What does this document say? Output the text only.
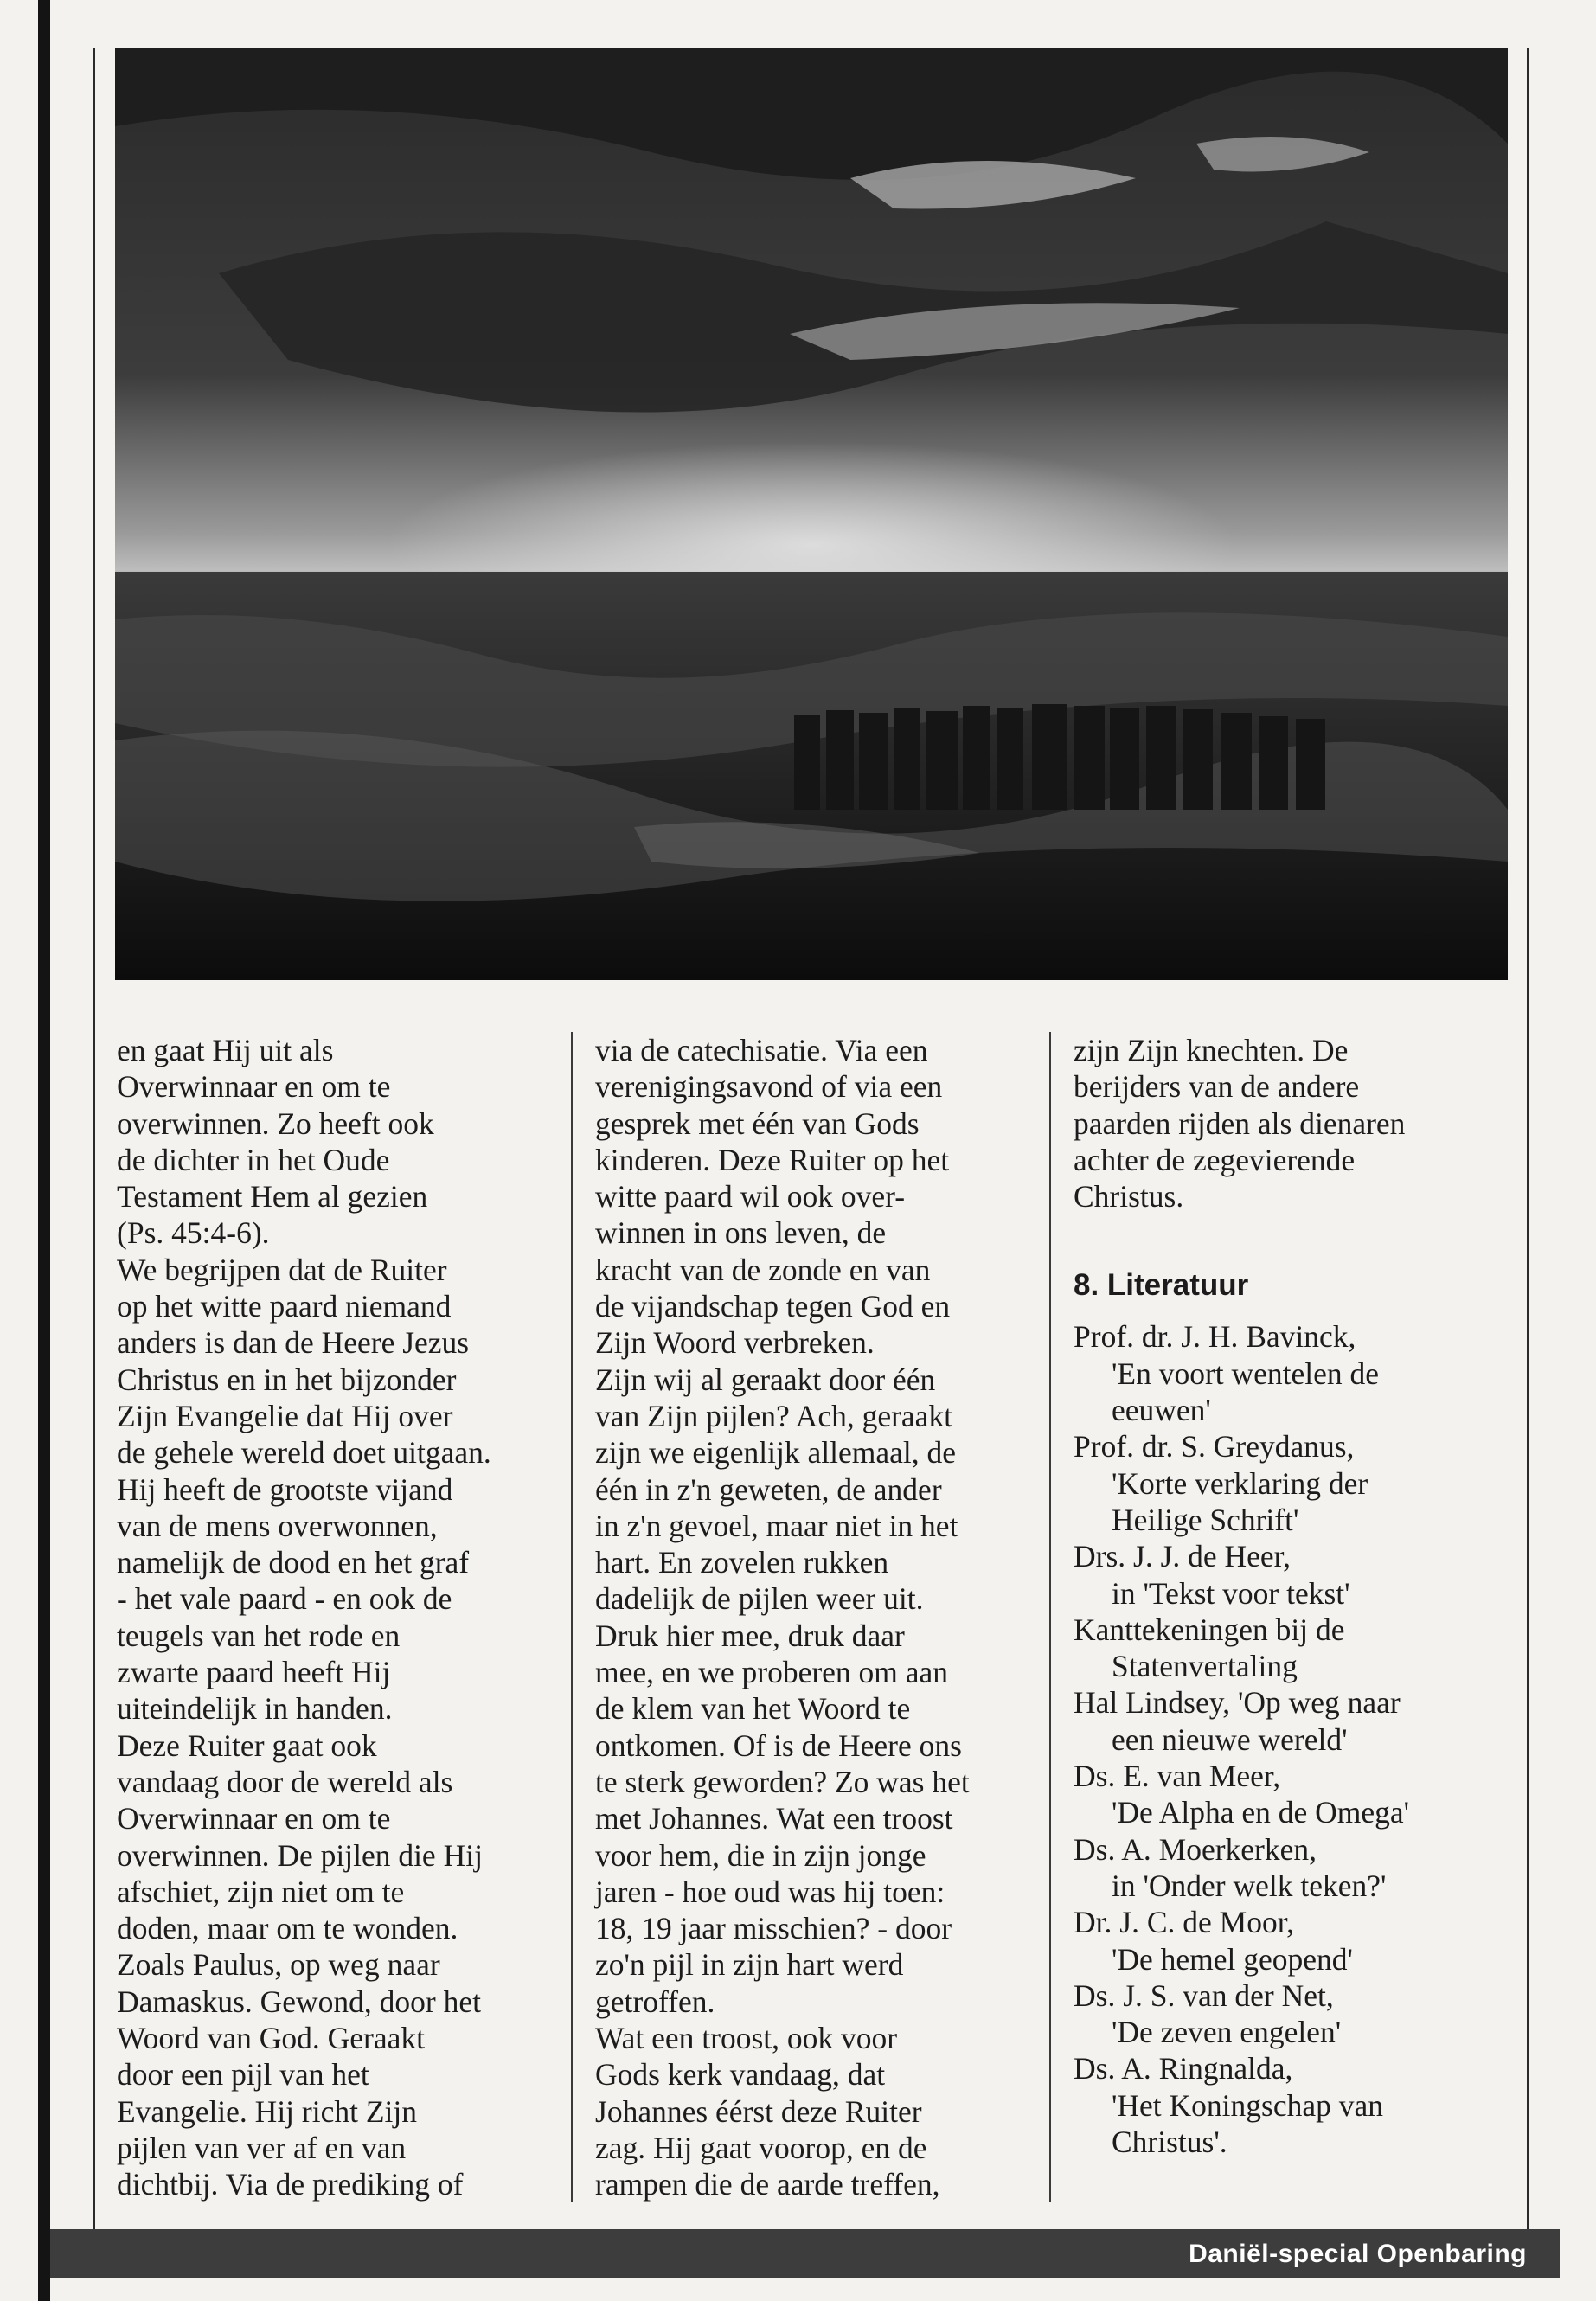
en gaat Hij uit als

Overwinnaar en om te

overwinnen. Zo heeft ook

de dichter in het Oude

Testament Hem al gezien

(Ps. 45:4-6).

We begrijpen dat de Ruiter

op het witte paard niemand

anders is dan de Heere Jezus

Christus en in het bijzonder

Zijn Evangelie dat Hij over

de gehele wereld doet uitgaan.

Hij heeft de grootste vijand

van de mens overwonnen,

namelijk de dood en het graf

- het vale paard - en ook de

teugels van het rode en

zwarte paard heeft Hij

uiteindelijk in handen.

Deze Ruiter gaat ook

vandaag door de wereld als

Overwinnaar en om te

overwinnen. De pijlen die Hij

afschiet, zijn niet om te

doden, maar om te wonden.

Zoals Paulus, op weg naar

Damaskus. Gewond, door het

Woord van God. Geraakt

door een pijl van het

Evangelie. Hij richt Zijn

pijlen van ver af en van

dichtbij. Via de prediking of

via de catechisatie. Via een

verenigingsavond of via een

gesprek met één van Gods

kinderen. Deze Ruiter op het

witte paard wil ook over-

winnen in ons leven, de

kracht van de zonde en van

de vijandschap tegen God en

Zijn Woord verbreken.

Zijn wij al geraakt door één

van Zijn pijlen? Ach, geraakt

zijn we eigenlijk allemaal, de

één in z'n geweten, de ander

in z'n gevoel, maar niet in het

hart. En zovelen rukken

dadelijk de pijlen weer uit.

Druk hier mee, druk daar

mee, en we proberen om aan

de klem van het Woord te

ontkomen. Of is de Heere ons

te sterk geworden? Zo was het

met Johannes. Wat een troost

voor hem, die in zijn jonge

jaren - hoe oud was hij toen:

18, 19 jaar misschien? - door

zo'n pijl in zijn hart werd

getroffen.

Wat een troost, ook voor

Gods kerk vandaag, dat

Johannes éérst deze Ruiter

zag. Hij gaat voorop, en de

rampen die de aarde treffen,

zijn Zijn knechten. De

berijders van de andere

paarden rijden als dienaren

achter de zegevierende

Christus.

8. Literatuur

Prof. dr. J. H. Bavinck,
'En voort wentelen de
eeuwen'
Prof. dr. S. Greydanus,
'Korte verklaring der
Heilige Schrift'
Drs. J. J. de Heer,
in 'Tekst voor tekst'
Kanttekeningen bij de
Statenvertaling
Hal Lindsey, 'Op weg naar
een nieuwe wereld'
Ds. E. van Meer,
'De Alpha en de Omega'
Ds. A. Moerkerken,
in 'Onder welk teken?'
Dr. J. C. de Moor,
'De hemel geopend'
Ds. J. S. van der Net,
'De zeven engelen'
Ds. A. Ringnalda,
'Het Koningschap van
Christus'.
Daniël-special Openbaring
